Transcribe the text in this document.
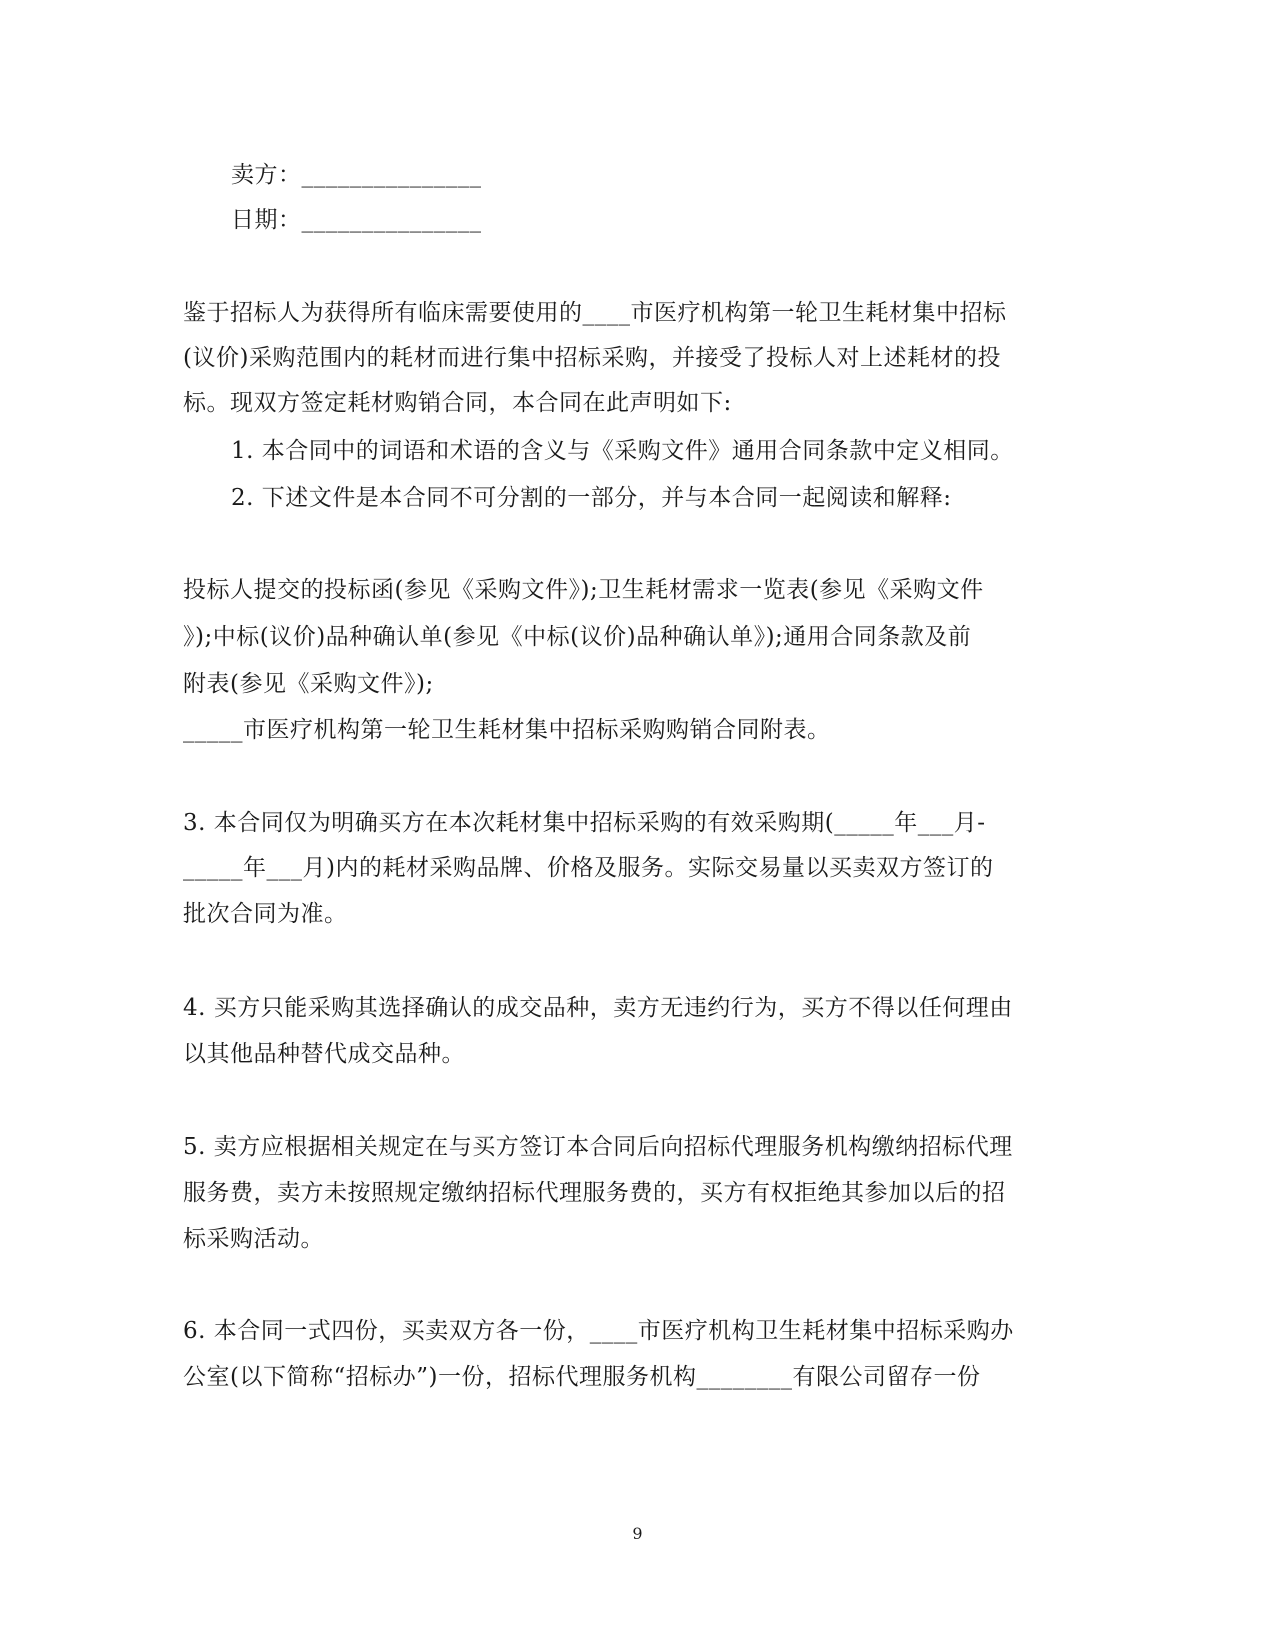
卖方：_______________
日期：_______________
鉴于招标人为获得所有临床需要使用的____市医疗机构第一轮卫生耗材集中招标
(议价)采购范围内的耗材而进行集中招标采购，并接受了投标人对上述耗材的投
标。现双方签定耗材购销合同，本合同在此声明如下:
1. 本合同中的词语和术语的含义与《采购文件》通用合同条款中定义相同。
2. 下述文件是本合同不可分割的一部分，并与本合同一起阅读和解释:
投标人提交的投标函(参见《采购文件》);卫生耗材需求一览表(参见《采购文件
》);中标(议价)品种确认单(参见《中标(议价)品种确认单》);通用合同条款及前
附表(参见《采购文件》);
_____市医疗机构第一轮卫生耗材集中招标采购购销合同附表。
3. 本合同仅为明确买方在本次耗材集中招标采购的有效采购期(_____年___月-
_____年___月)内的耗材采购品牌、价格及服务。实际交易量以买卖双方签订的
批次合同为准。
4. 买方只能采购其选择确认的成交品种，卖方无违约行为，买方不得以任何理由
以其他品种替代成交品种。
5. 卖方应根据相关规定在与买方签订本合同后向招标代理服务机构缴纳招标代理
服务费，卖方未按照规定缴纳招标代理服务费的，买方有权拒绝其参加以后的招
标采购活动。
6. 本合同一式四份，买卖双方各一份，____市医疗机构卫生耗材集中招标采购办
公室(以下简称“招标办”)一份，招标代理服务机构________有限公司留存一份
9
